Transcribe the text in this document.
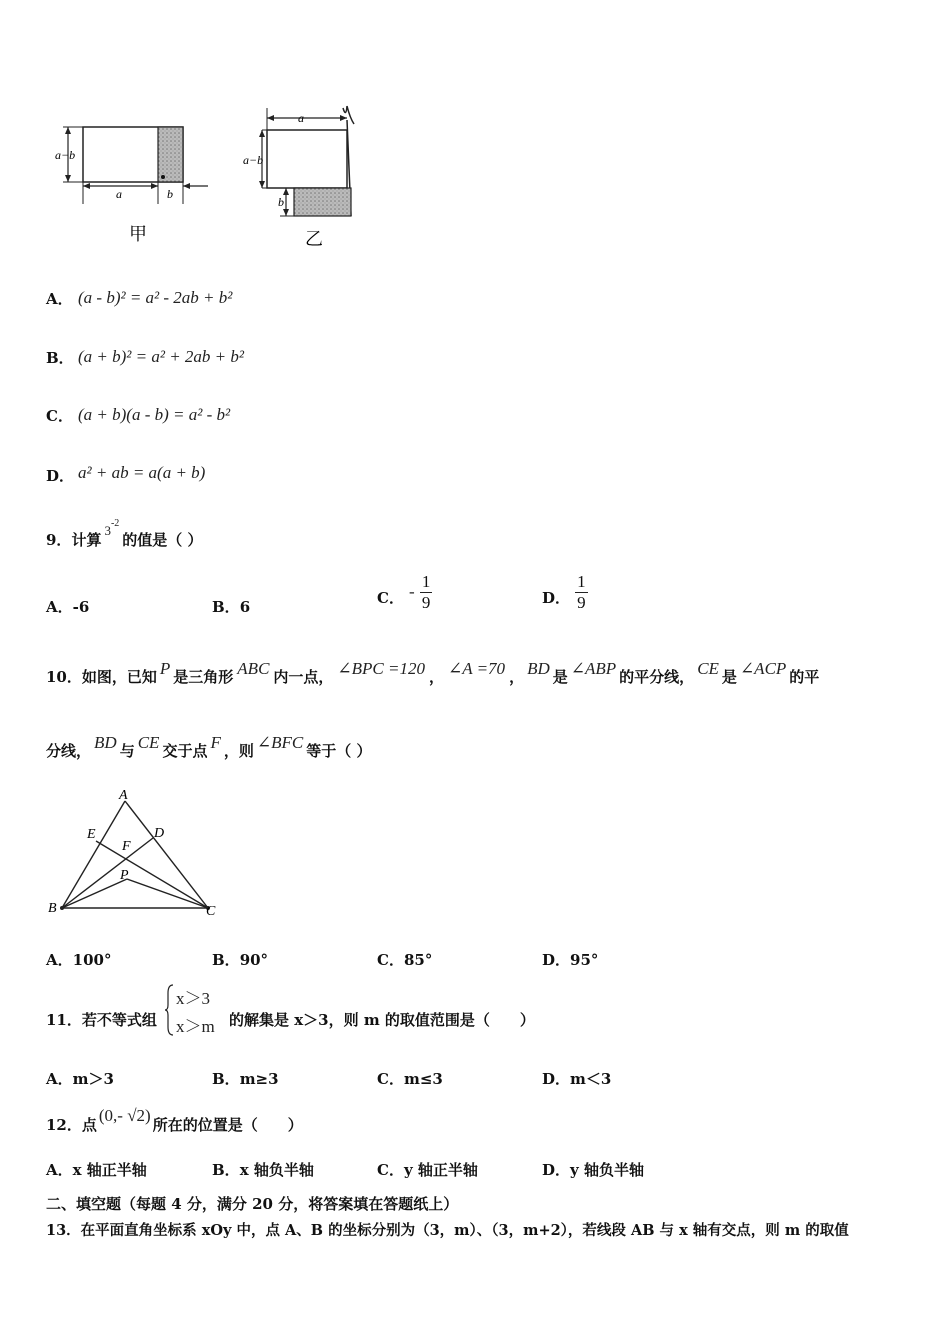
a−b
a	b
a
a−b
b
甲	乙
A． (a - b)² = a² - 2ab + b²
B． (a + b)² = a² + 2ab + b²
C． (a + b)(a - b) = a² - b²
D． a² + ab = a(a + b)
9．计算$3^{-2}$的值是（ ）
A．-6	B．6	C． - $\frac{1}{9}$	D． $\frac{1}{9}$
10．如图，已知 P 是三角形 ABC 内一点， ∠BPC =120 ， ∠A =70 ， BD 是 ∠ABP 的平分线， CE 是 ∠ACP 的平
分线， BD 与 CE 交于点 F ，则 ∠BFC 等于（ ）
A
B	C
D
E
F
P
A．100°	B．90°	C．85°	D．95°
11．若不等式组
x＞3
x＞m 的解集是 x＞3，则 m 的取值范围是（　　）
A．m＞3	B．m≥3	C．m≤3	D．m＜3
12．点 (0,- √2) 所在的位置是（　　）
A．x 轴正半轴	B．x 轴负半轴	C．y 轴正半轴	D．y 轴负半轴
二、填空题（每题 4 分，满分 20 分，将答案填在答题纸上）
13．在平面直角坐标系 xOy 中，点 A、B 的坐标分别为（3，m）、（3，m+2），若线段 AB 与 x 轴有交点，则 m 的取值
